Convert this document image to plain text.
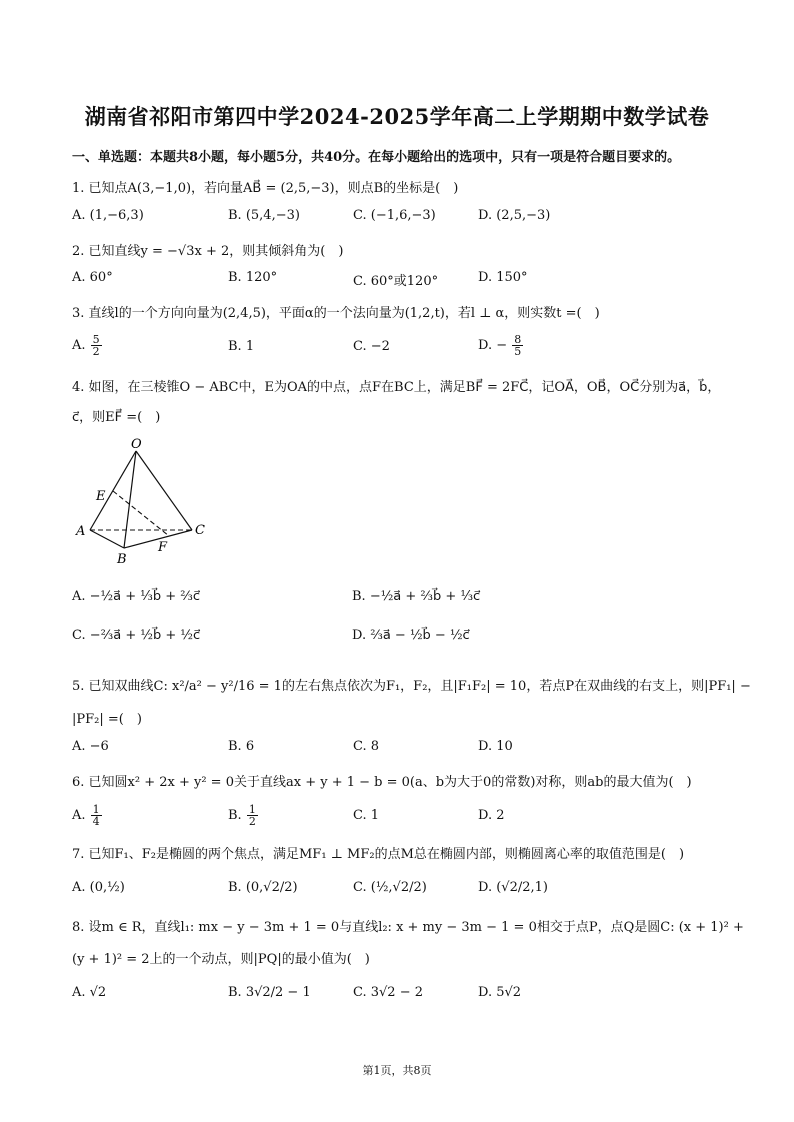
湖南省祁阳市第四中学2024-2025学年高二上学期期中数学试卷
一、单选题：本题共8小题，每小题5分，共40分。在每小题给出的选项中，只有一项是符合题目要求的。
1. 已知点A(3,−1,0)，若向量AB⃗ = (2,5,−3)，则点B的坐标是(　)
A. (1,−6,3)	B. (5,4,−3)	C. (−1,6,−3)	D. (2,5,−3)
2. 已知直线y = −√3x + 2，则其倾斜角为(　)
A. 60°	B. 120°	C. 60°或120°	D. 150°
3. 直线l的一个方向向量为(2,4,5)，平面α的一个法向量为(1,2,t)，若l ⊥ α，则实数t =(　)
A. $\frac{5}{2}$	B. 1	C. −2	D. − $\frac{8}{5}$
4. 如图，在三棱锥O − ABC中，E为OA的中点，点F在BC上，满足BF⃗ = 2FC⃗，记OA⃗，OB⃗，OC⃗分别为a⃗，b⃗，
c⃗，则EF⃗ =(　)
O
E
A
B
C
F
A. −½a⃗ + ⅓b⃗ + ⅔c⃗	B. −½a⃗ + ⅔b⃗ + ⅓c⃗
C. −⅔a⃗ + ½b⃗ + ½c⃗	D. ⅔a⃗ − ½b⃗ − ½c⃗
5. 已知双曲线C: x²/a² − y²/16 = 1的左右焦点依次为F₁，F₂，且|F₁F₂| = 10，若点P在双曲线的右支上，则|PF₁| −
|PF₂| =(　)
A. −6	B. 6	C. 8	D. 10
6. 已知圆x² + 2x + y² = 0关于直线ax + y + 1 − b = 0(a、b为大于0的常数)对称，则ab的最大值为(　)
A. $\frac{1}{4}$	B. $\frac{1}{2}$	C. 1	D. 2
7. 已知F₁、F₂是椭圆的两个焦点，满足MF₁ ⊥ MF₂的点M总在椭圆内部，则椭圆离心率的取值范围是(　)
A. (0,½)	B. (0,√2/2)	C. (½,√2/2)	D. (√2/2,1)
8. 设m ∈ R，直线l₁: mx − y − 3m + 1 = 0与直线l₂: x + my − 3m − 1 = 0相交于点P，点Q是圆C: (x + 1)² +
(y + 1)² = 2上的一个动点，则|PQ|的最小值为(　)
A. √2	B. 3√2/2 − 1	C. 3√2 − 2	D. 5√2
第1页，共8页
